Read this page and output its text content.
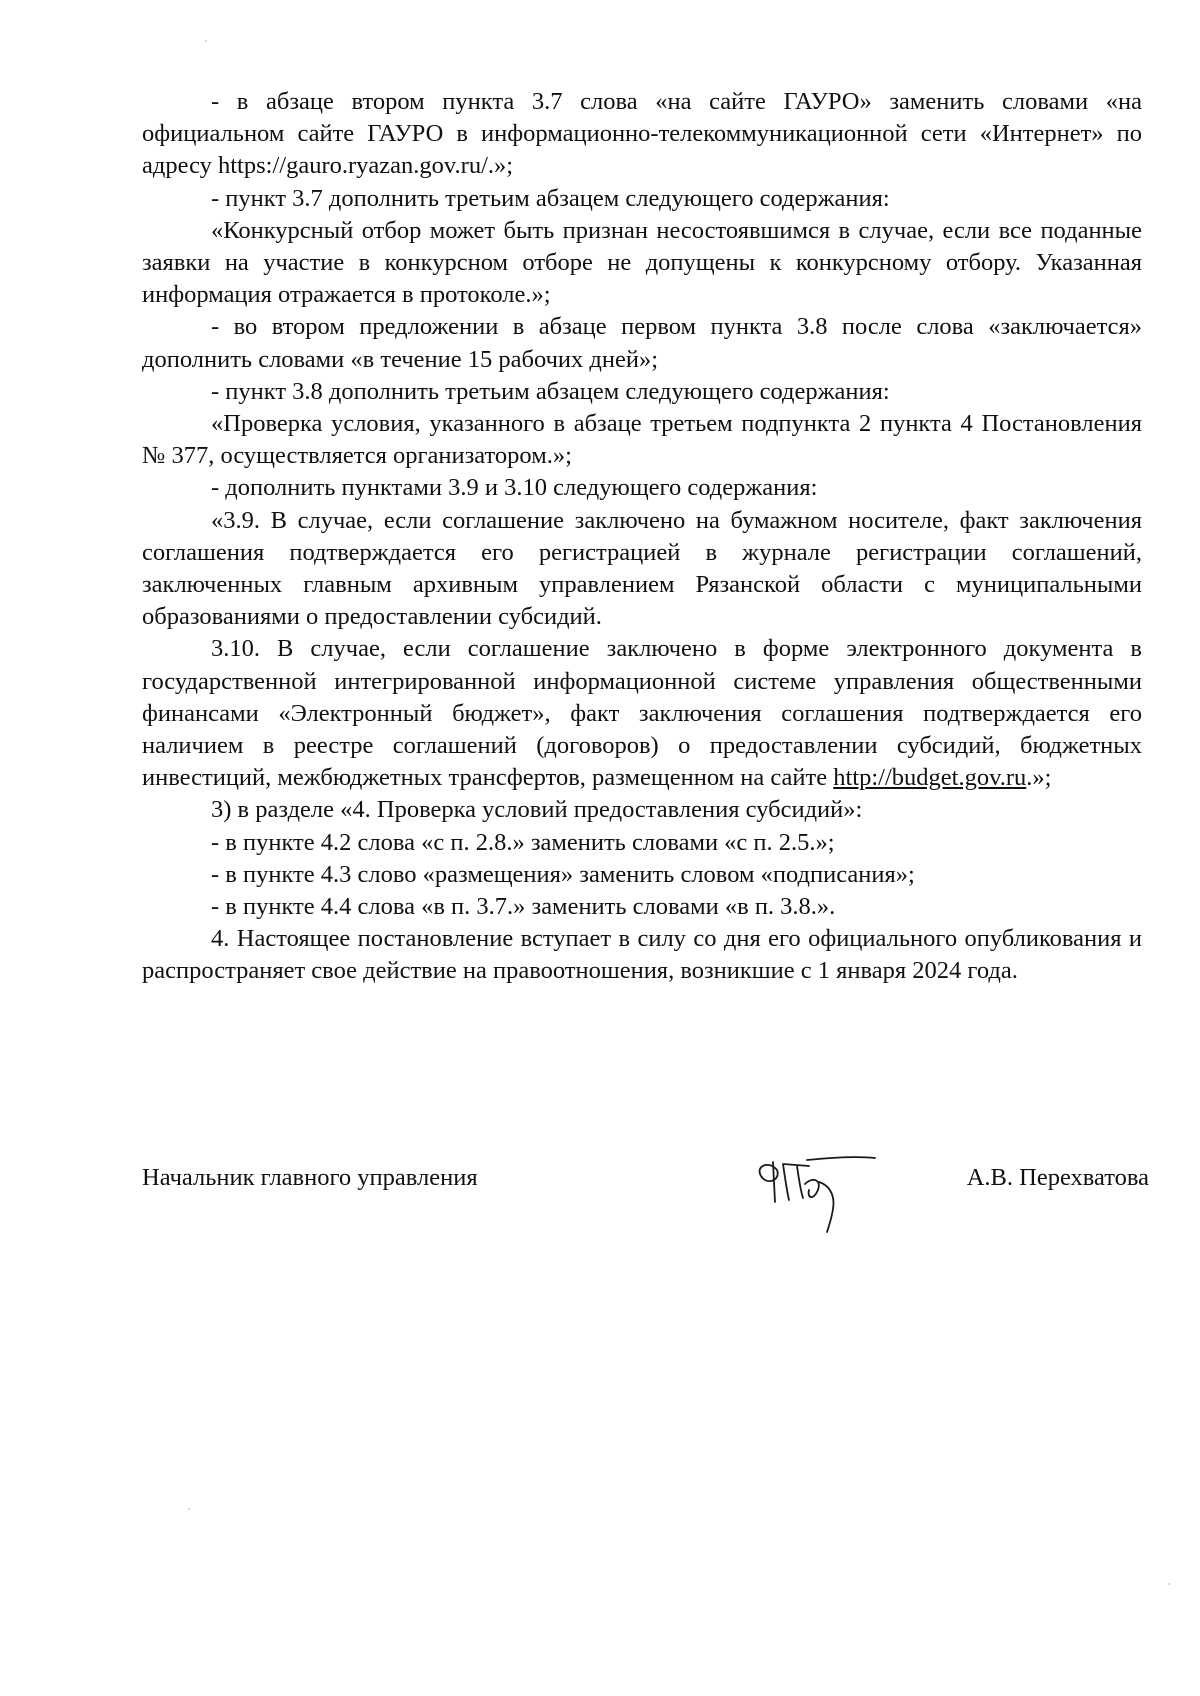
- в абзаце втором пункта 3.7 слова «на сайте ГАУРО» заменить словами «на официальном сайте ГАУРО в информационно-телекоммуникационной сети «Интернет» по адресу https://gauro.ryazan.gov.ru/.»;

- пункт 3.7 дополнить третьим абзацем следующего содержания:

«Конкурсный отбор может быть признан несостоявшимся в случае, если все поданные заявки на участие в конкурсном отборе не допущены к конкурсному отбору. Указанная информация отражается в протоколе.»;

- во втором предложении в абзаце первом пункта 3.8 после слова «заключается» дополнить словами «в течение 15 рабочих дней»;

- пункт 3.8 дополнить третьим абзацем следующего содержания:

«Проверка условия, указанного в абзаце третьем подпункта 2 пункта 4 Постановления № 377, осуществляется организатором.»;

- дополнить пунктами 3.9 и 3.10 следующего содержания:

«3.9. В случае, если соглашение заключено на бумажном носителе, факт заключения соглашения подтверждается его регистрацией в журнале регистрации соглашений, заключенных главным архивным управлением Рязанской области с муниципальными образованиями о предоставлении субсидий.

3.10. В случае, если соглашение заключено в форме электронного документа в государственной интегрированной информационной системе управления общественными финансами «Электронный бюджет», факт заключения соглашения подтверждается его наличием в реестре соглашений (договоров) о предоставлении субсидий, бюджетных инвестиций, межбюджетных трансфертов, размещенном на сайте http://budget.gov.ru.»;

3) в разделе «4. Проверка условий предоставления субсидий»:

- в пункте 4.2 слова «с п. 2.8.» заменить словами «с п. 2.5.»;

- в пункте 4.3 слово «размещения» заменить словом «подписания»;

- в пункте 4.4 слова «в п. 3.7.» заменить словами «в п. 3.8.».

4. Настоящее постановление вступает в силу со дня его официального опубликования и распространяет свое действие на правоотношения, возникшие с 1 января 2024 года.

Начальник главного управления	А.В. Перехватова
